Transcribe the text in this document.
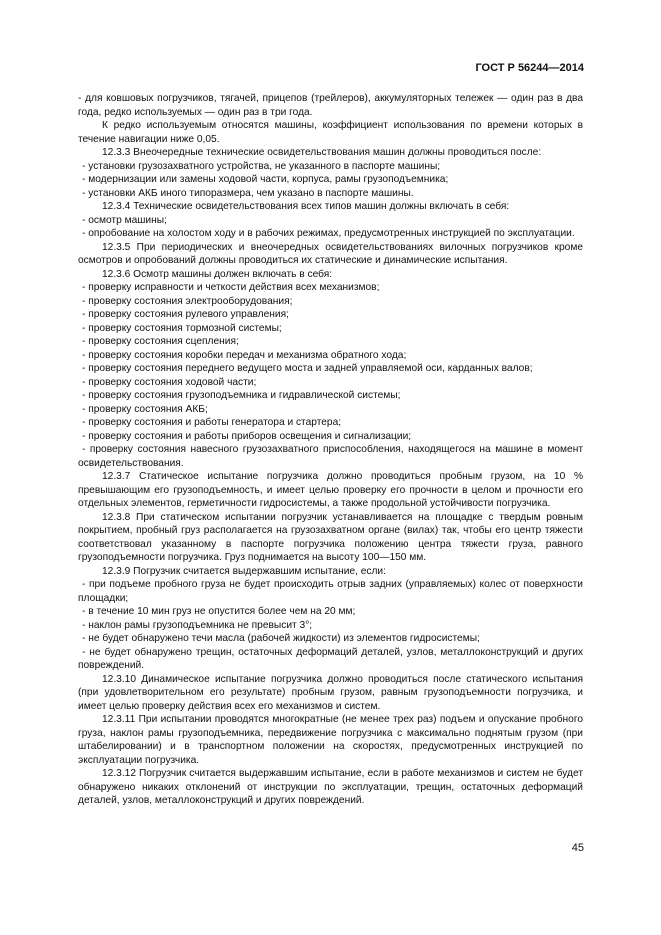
ГОСТ Р 56244—2014

- для ковшовых погрузчиков, тягачей, прицепов (трейлеров), аккумуляторных тележек — один раз в два года, редко используемых — один раз в три года.

К редко используемым относятся машины, коэффициент использования по времени которых в течение навигации ниже 0,05.

12.3.3 Внеочередные технические освидетельствования машин должны проводиться после:

- установки грузозахватного устройства, не указанного в паспорте машины;

- модернизации или замены ходовой части, корпуса, рамы грузоподъемника;

- установки АКБ иного типоразмера, чем указано в паспорте машины.

12.3.4 Технические освидетельствования всех типов машин должны включать в себя:

- осмотр машины;

- опробование на холостом ходу и в рабочих режимах, предусмотренных инструкцией по эксплуатации.

12.3.5 При периодических и внеочередных освидетельствованиях вилочных погрузчиков кроме осмотров и опробований должны проводиться их статические и динамические испытания.

12.3.6 Осмотр машины должен включать в себя:

- проверку исправности и четкости действия всех механизмов;

- проверку состояния электрооборудования;

- проверку состояния рулевого управления;

- проверку состояния тормозной системы;

- проверку состояния сцепления;

- проверку состояния коробки передач и механизма обратного хода;

- проверку состояния переднего ведущего моста и задней управляемой оси, карданных валов;

- проверку состояния ходовой части;

- проверку состояния грузоподъемника и гидравлической системы;

- проверку состояния АКБ;

- проверку состояния и работы генератора и стартера;

- проверку состояния и работы приборов освещения и сигнализации;

- проверку состояния навесного грузозахватного приспособления, находящегося на машине в момент освидетельствования.

12.3.7 Статическое испытание погрузчика должно проводиться пробным грузом, на 10 % превышающим его грузоподъемность, и имеет целью проверку его прочности в целом и прочности его отдельных элементов, герметичности гидросистемы, а также продольной устойчивости погрузчика.

12.3.8 При статическом испытании погрузчик устанавливается на площадке с твердым ровным покрытием, пробный груз располагается на грузозахватном органе (вилах) так, чтобы его центр тяжести соответствовал указанному в паспорте погрузчика положению центра тяжести груза, равного грузоподъемности погрузчика. Груз поднимается на высоту 100—150 мм.

12.3.9 Погрузчик считается выдержавшим испытание, если:

- при подъеме пробного груза не будет происходить отрыв задних (управляемых) колес от поверхности площадки;

- в течение 10 мин груз не опустится более чем на 20 мм;

- наклон рамы грузоподъемника не превысит 3°;

- не будет обнаружено течи масла (рабочей жидкости) из элементов гидросистемы;

- не будет обнаружено трещин, остаточных деформаций деталей, узлов, металлоконструкций и других повреждений.

12.3.10 Динамическое испытание погрузчика должно проводиться после статического испытания (при удовлетворительном его результате) пробным грузом, равным грузоподъемности погрузчика, и имеет целью проверку действия всех его механизмов и систем.

12.3.11 При испытании проводятся многократные (не менее трех раз) подъем и опускание пробного груза, наклон рамы грузоподъемника, передвижение погрузчика с максимально поднятым грузом (при штабелировании) и в транспортном положении на скоростях, предусмотренных инструкцией по эксплуатации погрузчика.

12.3.12 Погрузчик считается выдержавшим испытание, если в работе механизмов и систем не будет обнаружено никаких отклонений от инструкции по эксплуатации, трещин, остаточных деформаций деталей, узлов, металлоконструкций и других повреждений.

45
